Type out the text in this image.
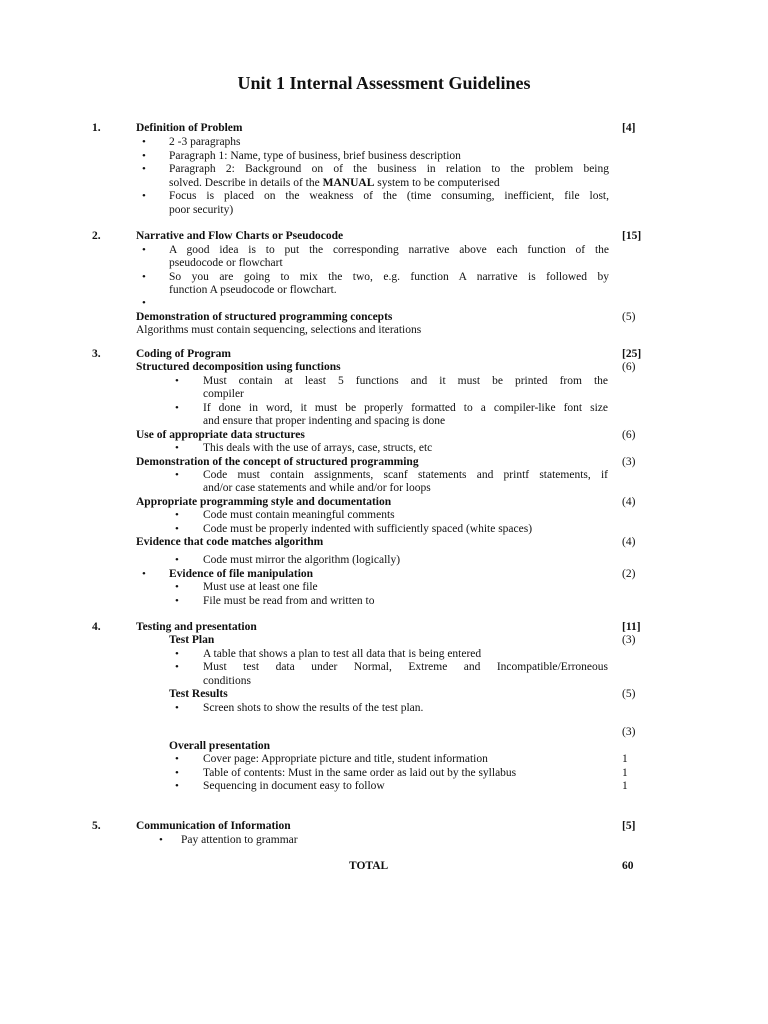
Unit 1 Internal Assessment Guidelines
1.	Definition of Problem	[4]
• 2 -3 paragraphs
• Paragraph 1: Name, type of business, brief business description
• Paragraph 2: Background on of the business in relation to the problem being
solved. Describe in details of the MANUAL system to be computerised
• Focus is placed on the weakness of the (time consuming, inefficient, file lost,
poor security)
2.	Narrative and Flow Charts or Pseudocode	[15]
• A good idea is to put the corresponding narrative above each function of the
pseudocode or flowchart
• So you are going to mix the two, e.g. function A narrative is followed by
function A pseudocode or flowchart.
•
Demonstration of structured programming concepts	(5)
Algorithms must contain sequencing, selections and iterations
3.	Coding of Program	[25]
Structured decomposition using functions	(6)
• Must contain at least 5 functions and it must be printed from the
compiler
• If done in word, it must be properly formatted to a compiler-like font size
and ensure that proper indenting and spacing is done
Use of appropriate data structures	(6)
• This deals with the use of arrays, case, structs, etc
Demonstration of the concept of structured programming	(3)
• Code must contain assignments, scanf statements and printf statements, if
and/or case statements and while and/or for loops
Appropriate programming style and documentation	(4)
• Code must contain meaningful comments
• Code must be properly indented with sufficiently spaced (white spaces)
Evidence that code matches algorithm	(4)
• Code must mirror the algorithm (logically)
• Evidence of file manipulation	(2)
• Must use at least one file
• File must be read from and written to
4.	Testing and presentation	[11]
Test Plan	(3)
• A table that shows a plan to test all data that is being entered
• Must test data under Normal, Extreme and Incompatible/Erroneous
conditions
Test Results	(5)
• Screen shots to show the results of the test plan.
(3)
Overall presentation
• Cover page: Appropriate picture and title, student information	1
• Table of contents: Must in the same order as laid out by the syllabus	1
• Sequencing in document easy to follow	1
5.	Communication of Information	[5]
• Pay attention to grammar
TOTAL	60
